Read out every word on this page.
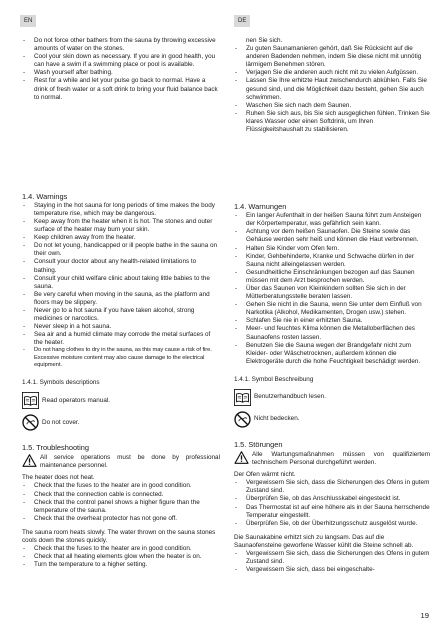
EN	DE
- Do not force other bathers from the sauna by throwing excessive amounts of water on the stones.
- Cool your skin down as necessary. If you are in good health, you can have a swim if a swimming place or pool is available.
- Wash yourself after bathing.
- Rest for a while and let your pulse go back to normal. Have a drink of fresh water or a soft drink to bring your fluid balance back to normal.
1.4. Warnings
- Staying in the hot sauna for long periods of time makes the body temperature rise, which may be dangerous.
- Keep away from the heater when it is hot. The stones and outer surface of the heater may burn your skin.
- Keep children away from the heater.
- Do not let young, handicapped or ill people bathe in the sauna on their own.
- Consult your doctor about any health-related limitations to bathing.
- Consult your child welfare clinic about taking little babies to the sauna.
- Be very careful when moving in the sauna, as the platform and floors may be slippery.
- Never go to a hot sauna if you have taken alcohol, strong medicines or narcotics.
- Never sleep in a hot sauna.
- Sea air and a humid climate may corrode the metal surfaces of the heater.
- Do not hang clothes to dry in the sauna, as this may cause a risk of fire. Excessive moisture content may also cause damage to the electrical equipment.
1.4.1. Symbols descriptions
Read operators manual.
Do not cover.
1.5. Troubleshooting
All service operations must be done by professional maintenance personnel.
The heater does not heat.
- Check that the fuses to the heater are in good condition.
- Check that the connection cable is connected.
- Check that the control panel shows a higher figure than the temperature of the sauna.
- Check that the overheat protector has not gone off.
The sauna room heats slowly. The water thrown on the sauna stones cools down the stones quickly.
- Check that the fuses to the heater are in good condition.
- Check that all heating elements glow when the heater is on.
- Turn the temperature to a higher setting.
nen Sie sich.
- Zu guten Saunamanieren gehört, daß Sie Rücksicht auf die anderen Badenden nehmen, indem Sie diese nicht mit unnötig lärmigem Benehmen stören.
- Verjagen Sie die anderen auch nicht mit zu vielen Aufgüssen.
- Lassen Sie Ihre erhitzte Haut zwischendurch abkühlen. Falls Sie gesund sind, und die Möglichkeit dazu besteht, gehen Sie auch schwimmen.
- Waschen Sie sich nach dem Saunen.
- Ruhen Sie sich aus, bis Sie sich ausgeglichen fühlen. Trinken Sie klares Wasser oder einen Softdrink, um Ihren Flüssigkeitshaushalt zu stabilisieren.
1.4. Warnungen
- Ein langer Aufenthalt in der heißen Sauna führt zum Ansteigen der Körpertemperatur, was gefährlich sein kann.
- Achtung vor dem heißen Saunaofen. Die Steine sowie das Gehäuse werden sehr heiß und können die Haut verbrennen.
- Halten Sie Kinder vom Ofen fern.
- Kinder, Gehbehinderte, Kranke und Schwache dürfen in der Sauna nicht alleingelassen werden.
- Gesundheitliche Einschränkungen bezogen auf das Saunen müssen mit dem Arzt besprochen werden.
- Über das Saunen von Kleinkindern sollten Sie sich in der Mütterberatungsstelle beraten lassen.
- Gehen Sie nicht in die Sauna, wenn Sie unter dem Einfluß von Narkotika (Alkohol, Medikamenten, Drogen usw.) stehen.
- Schlafen Sie nie in einer erhitzten Sauna.
- Meer- und feuchtes Klima können die Metalloberflächen des Saunaofens rosten lassen.
- Benutzen Sie die Sauna wegen der Brandgefahr nicht zum Kleider- oder Wäschetrocknen, außerdem können die Elektrogeräte durch die hohe Feuchtigkeit beschädigt werden.
1.4.1. Symbol Beschreibung
Benutzerhandbuch lesen.
Nicht bedecken.
1.5. Störungen
Alle Wartungsmaßnahmen müssen von qualifiziertem technischem Personal durchgeführt werden.
Der Ofen wärmt nicht.
- Vergewissern Sie sich, dass die Sicherungen des Ofens in gutem Zustand sind.
- Überprüfen Sie, ob das Anschlusskabel eingesteckt ist.
- Das Thermostat ist auf eine höhere als in der Sauna herrschende Temperatur eingestellt.
- Überprüfen Sie, ob der Überhitzungsschutz ausgelöst wurde.
Die Saunakabine erhitzt sich zu langsam. Das auf die Saunaofensteine geworfene Wasser kühlt die Steine schnell ab.
- Vergewissern Sie sich, dass die Sicherungen des Ofens in gutem Zustand sind.
- Vergewissern Sie sich, dass bei eingeschalte-
19
